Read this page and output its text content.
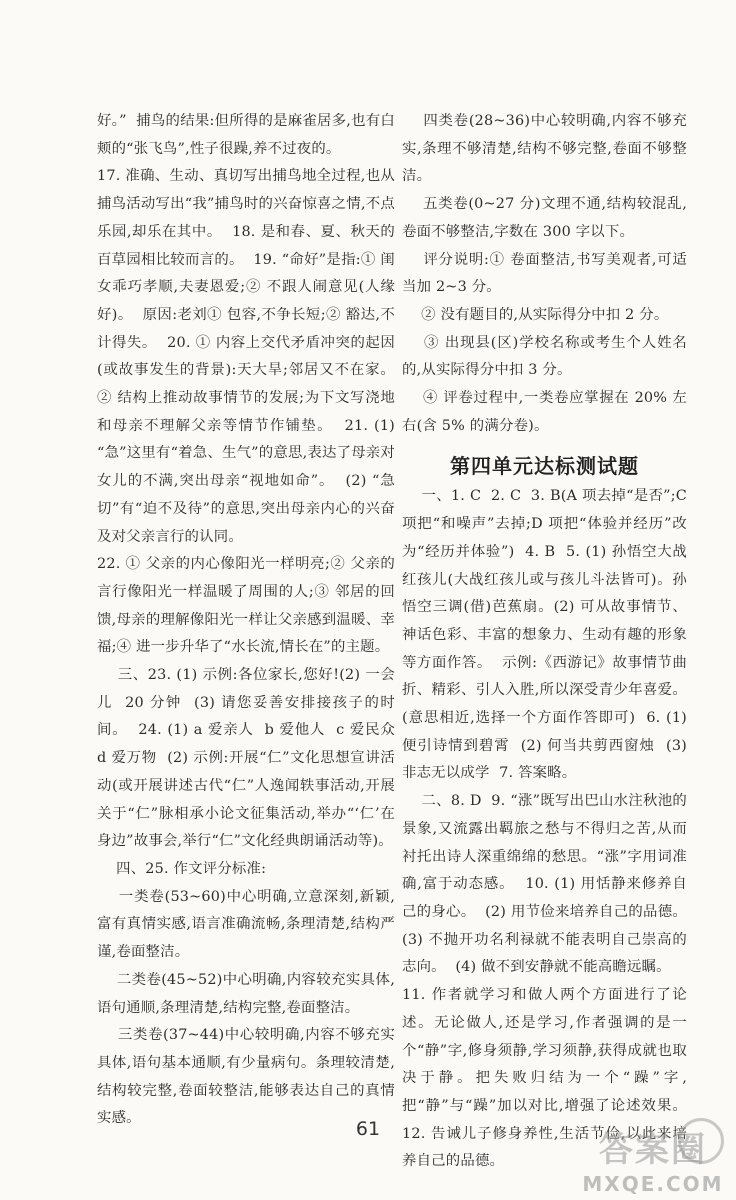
好。”  捕鸟的结果:但所得的是麻雀居多,也有白颊的“张飞鸟”,性子很躁,养不过夜的。

17. 准确、生动、真切写出捕鸟地全过程,也从捕鸟活动写出“我”捕鸟时的兴奋惊喜之情,不点乐园,却乐在其中。  18. 是和春、夏、秋天的百草园相比较而言的。  19. “命好”是指:① 闺女乖巧孝顺,夫妻恩爱;② 不跟人闹意见(人缘好)。  原因:老刘① 包容,不争长短;② 豁达,不计得失。  20. ① 内容上交代矛盾冲突的起因(或故事发生的背景):天大旱;邻居又不在家。  ② 结构上推动故事情节的发展;为下文写浇地和母亲不理解父亲等情节作铺垫。  21. (1) “急”这里有“着急、生气”的意思,表达了母亲对女儿的不满,突出母亲“视地如命”。  (2) “急切”有“迫不及待”的意思,突出母亲内心的兴奋及对父亲言行的认同。

22. ① 父亲的内心像阳光一样明亮;② 父亲的言行像阳光一样温暖了周围的人;③ 邻居的回馈,母亲的理解像阳光一样让父亲感到温暖、幸福;④ 进一步升华了“水长流,情长在”的主题。

三、23. (1) 示例:各位家长,您好!(2) 一会儿  20 分钟  (3) 请您妥善安排接孩子的时间。  24. (1) a 爱亲人  b 爱他人  c 爱民众  d 爱万物  (2) 示例:开展“仁”文化思想宣讲活动(或开展讲述古代“仁”人逸闻轶事活动,开展关于“仁”脉相承小论文征集活动,举办“‘仁’在身边”故事会,举行“仁”文化经典朗诵活动等)。

四、25. 作文评分标准:

一类卷(53~60)中心明确,立意深刻,新颖,富有真情实感,语言准确流畅,条理清楚,结构严谨,卷面整洁。

二类卷(45~52)中心明确,内容较充实具体,语句通顺,条理清楚,结构完整,卷面整洁。

三类卷(37~44)中心较明确,内容不够充实具体,语句基本通顺,有少量病句。条理较清楚,结构较完整,卷面较整洁,能够表达自己的真情实感。

四类卷(28~36)中心较明确,内容不够充实,条理不够清楚,结构不够完整,卷面不够整洁。

五类卷(0~27 分)文理不通,结构较混乱,卷面不够整洁,字数在 300 字以下。

评分说明:① 卷面整洁,书写美观者,可适当加 2~3 分。

② 没有题目的,从实际得分中扣 2 分。

③ 出现县(区)学校名称或考生个人姓名的,从实际得分中扣 3 分。

④ 评卷过程中,一类卷应掌握在 20% 左右(含 5% 的满分卷)。

第四单元达标测试题

一、1. C  2. C  3. B(A 项去掉“是否”;C 项把“和噪声”去掉;D 项把“体验并经历”改为“经历并体验”)  4. B  5. (1) 孙悟空大战红孩儿(大战红孩儿或与孩儿斗法皆可)。孙悟空三调(借)芭蕉扇。(2) 可从故事情节、神话色彩、丰富的想象力、生动有趣的形象等方面作答。  示例:《西游记》故事情节曲折、精彩、引人入胜,所以深受青少年喜爱。(意思相近,选择一个方面作答即可)  6. (1) 便引诗情到碧霄  (2) 何当共剪西窗烛  (3) 非志无以成学  7. 答案略。

二、8. D  9. “涨”既写出巴山水注秋池的景象,又流露出羁旅之愁与不得归之苦,从而衬托出诗人深重绵绵的愁思。“涨”字用词准确,富于动态感。  10. (1) 用恬静来修养自己的身心。  (2) 用节俭来培养自己的品德。  (3) 不抛开功名利禄就不能表明自己崇高的志向。  (4) 做不到安静就不能高瞻远瞩。

11. 作者就学习和做人两个方面进行了论述。无论做人,还是学习,作者强调的是一个“静”字,修身须静,学习须静,获得成就也取决于静。把失败归结为一个“躁”字,把“静”与“躁”加以对比,增强了论述效果。  12. 告诫儿子修身养性,生活节俭,以此来培养自己的品德。

61
答案圈
MXQE.COM
